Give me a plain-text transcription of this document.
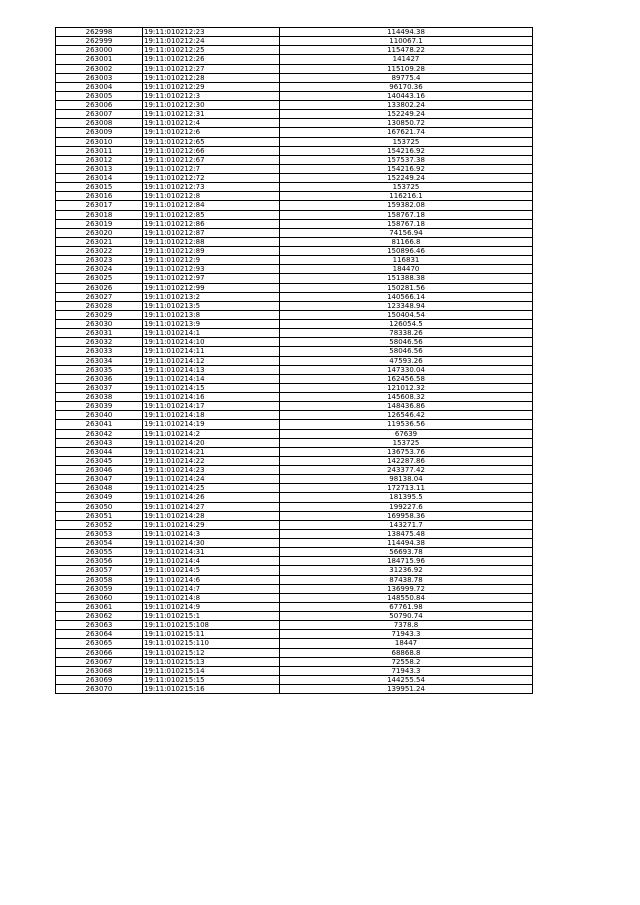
262998	19:11:010212:23	114494.38
262999	19:11:010212:24	110067.1
263000	19:11:010212:25	115478.22
263001	19:11:010212:26	141427
263002	19:11:010212:27	115109.28
263003	19:11:010212:28	89775.4
263004	19:11:010212:29	96170.36
263005	19:11:010212:3	140443.16
263006	19:11:010212:30	133802.24
263007	19:11:010212:31	152249.24
263008	19:11:010212:4	130850.72
263009	19:11:010212:6	167621.74
263010	19:11:010212:65	153725
263011	19:11:010212:66	154216.92
263012	19:11:010212:67	157537.38
263013	19:11:010212:7	154216.92
263014	19:11:010212:72	152249.24
263015	19:11:010212:73	153725
263016	19:11:010212:8	116216.1
263017	19:11:010212:84	159382.08
263018	19:11:010212:85	158767.18
263019	19:11:010212:86	158767.18
263020	19:11:010212:87	74156.94
263021	19:11:010212:88	81166.8
263022	19:11:010212:89	150896.46
263023	19:11:010212:9	116831
263024	19:11:010212:93	184470
263025	19:11:010212:97	151388.38
263026	19:11:010212:99	150281.56
263027	19:11:010213:2	140566.14
263028	19:11:010213:5	123348.94
263029	19:11:010213:8	150404.54
263030	19:11:010213:9	126054.5
263031	19:11:010214:1	78338.26
263032	19:11:010214:10	58046.56
263033	19:11:010214:11	58046.56
263034	19:11:010214:12	47593.26
263035	19:11:010214:13	147330.04
263036	19:11:010214:14	162456.58
263037	19:11:010214:15	121012.32
263038	19:11:010214:16	145608.32
263039	19:11:010214:17	148436.86
263040	19:11:010214:18	126546.42
263041	19:11:010214:19	119536.56
263042	19:11:010214:2	67639
263043	19:11:010214:20	153725
263044	19:11:010214:21	136753.76
263045	19:11:010214:22	142287.86
263046	19:11:010214:23	243377.42
263047	19:11:010214:24	98138.04
263048	19:11:010214:25	172713.11
263049	19:11:010214:26	181395.5
263050	19:11:010214:27	199227.6
263051	19:11:010214:28	169958.36
263052	19:11:010214:29	143271.7
263053	19:11:010214:3	138475.48
263054	19:11:010214:30	114494.38
263055	19:11:010214:31	56693.78
263056	19:11:010214:4	184715.96
263057	19:11:010214:5	31236.92
263058	19:11:010214:6	87438.78
263059	19:11:010214:7	136999.72
263060	19:11:010214:8	148550.84
263061	19:11:010214:9	67761.98
263062	19:11:010215:1	50790.74
263063	19:11:010215:108	7378.8
263064	19:11:010215:11	71943.3
263065	19:11:010215:110	18447
263066	19:11:010215:12	68868.8
263067	19:11:010215:13	72558.2
263068	19:11:010215:14	71943.3
263069	19:11:010215:15	144255.54
263070	19:11:010215:16	139951.24
